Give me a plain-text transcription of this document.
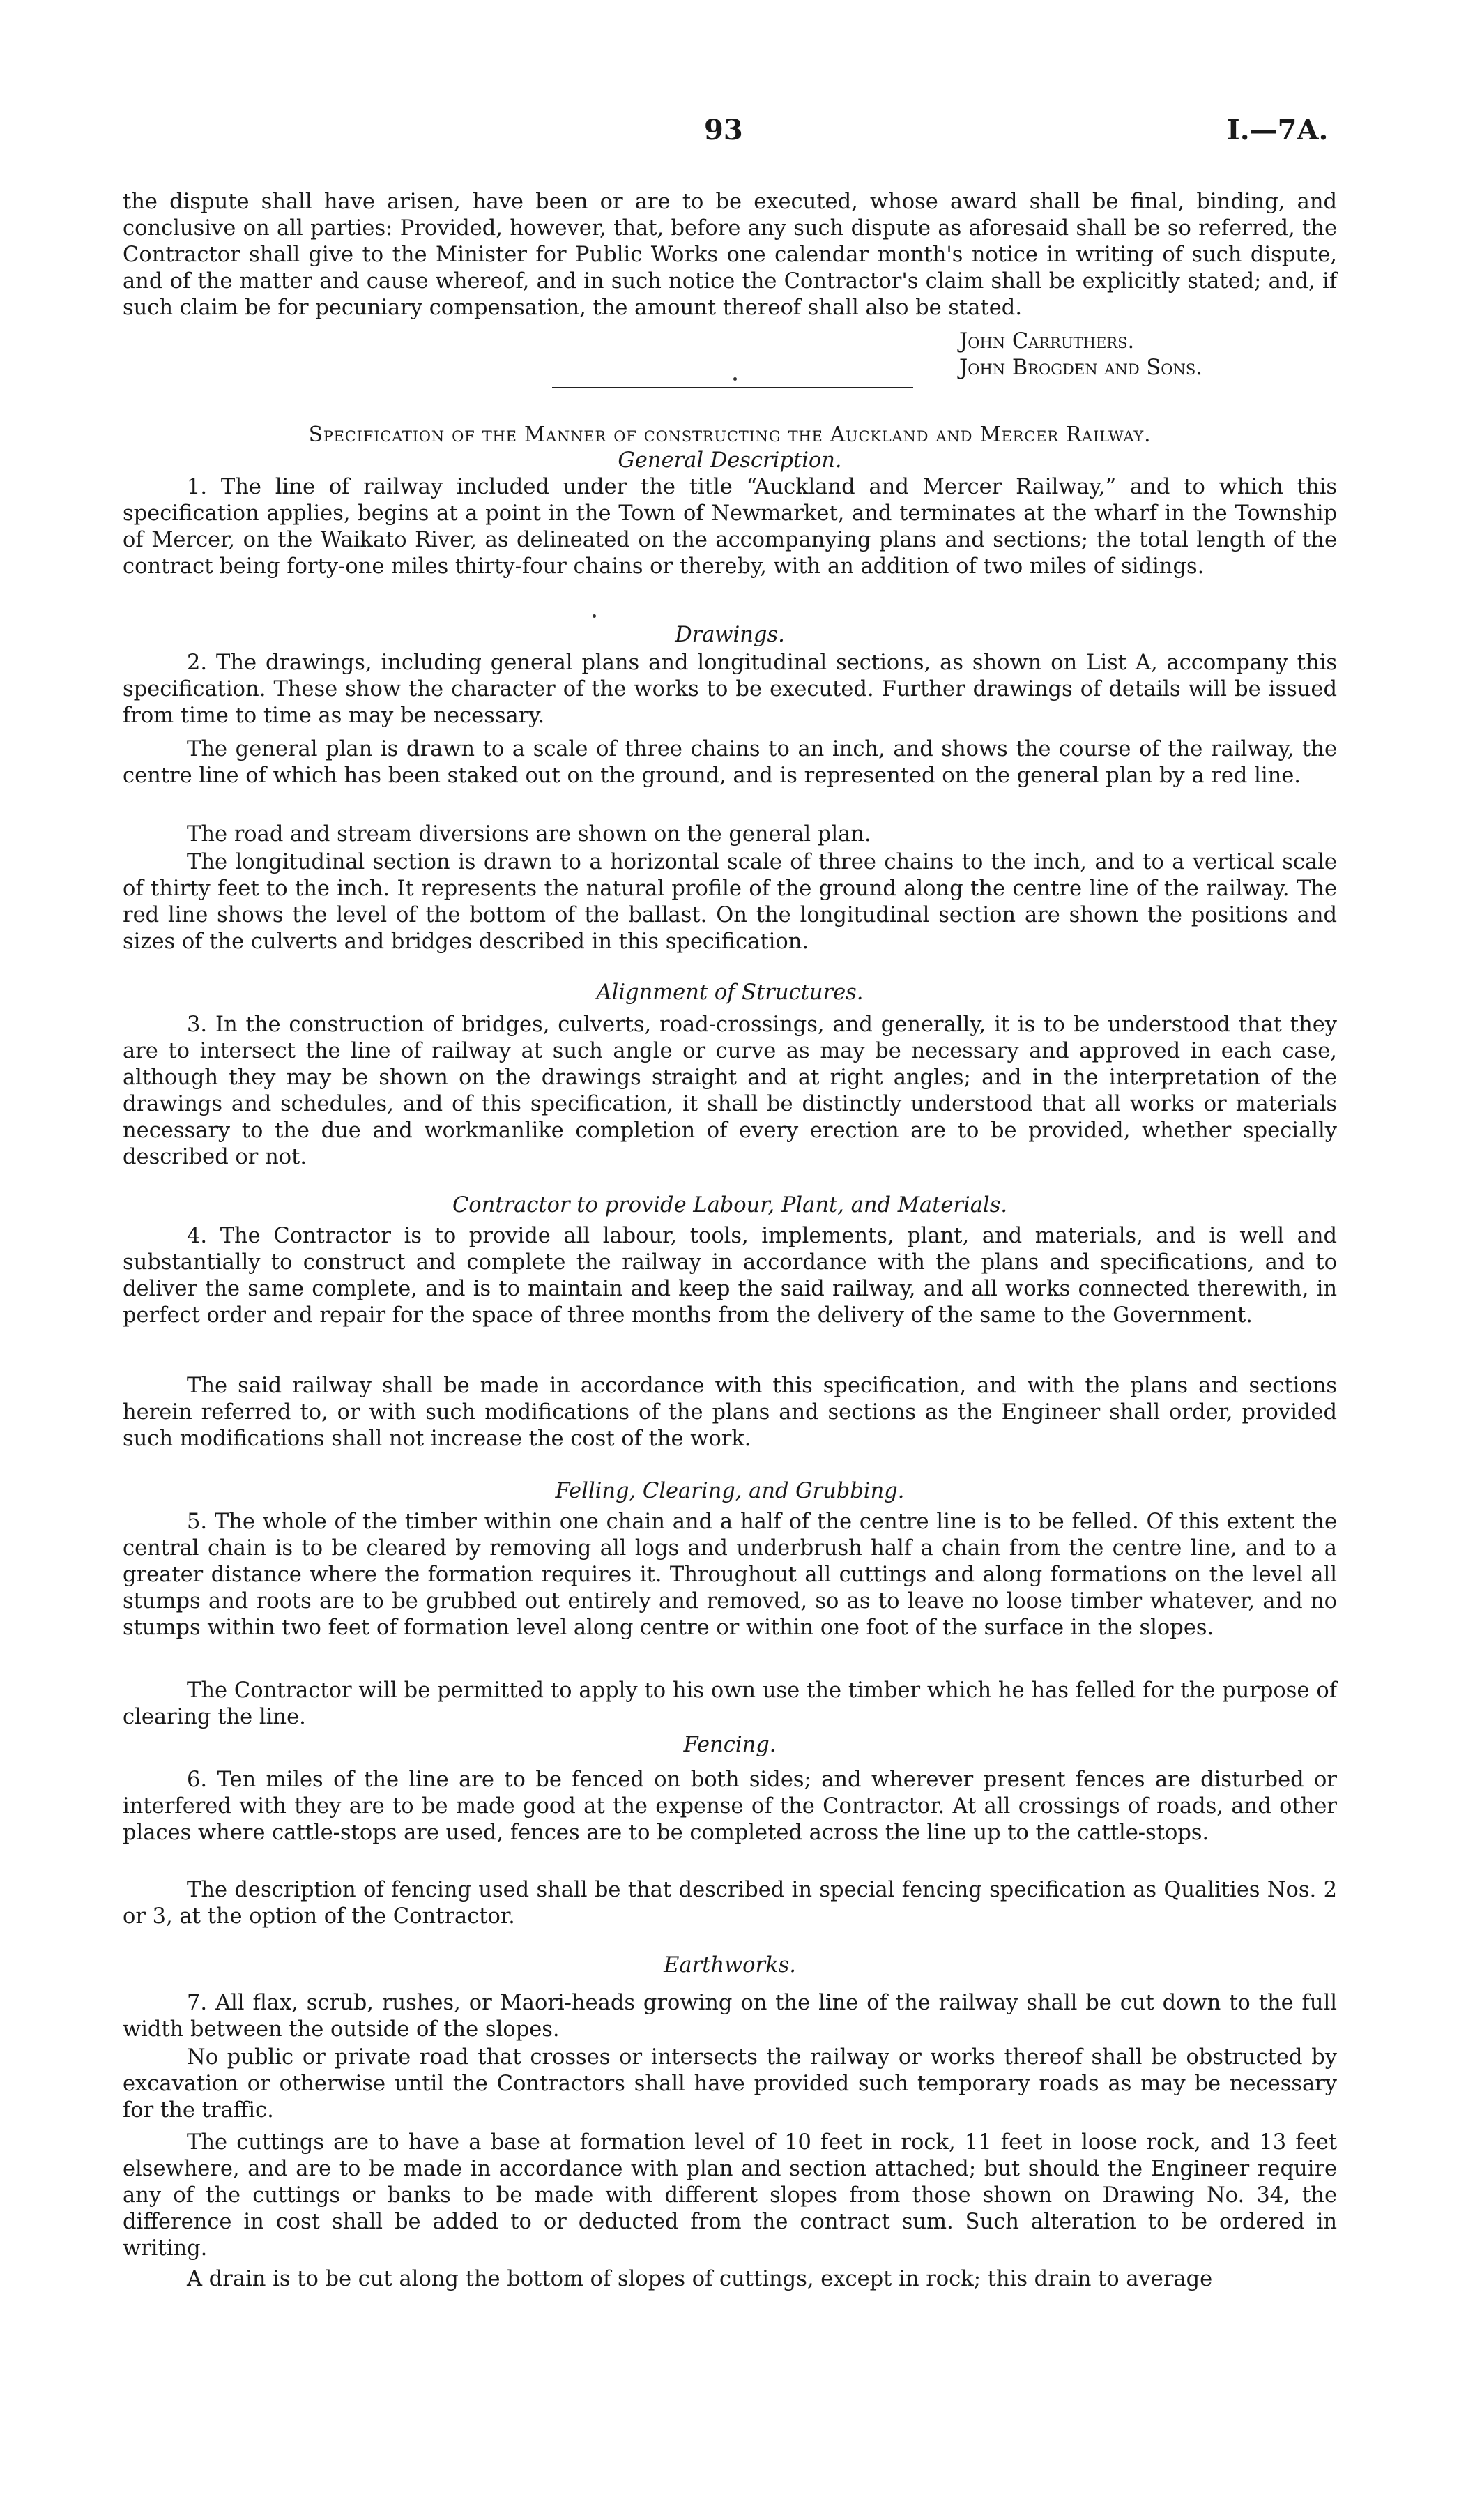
93	I.—7A.

the dispute shall have arisen, have been or are to be executed, whose award shall be final, binding, and conclusive on all parties: Provided, however, that, before any such dispute as aforesaid shall be so referred, the Contractor shall give to the Minister for Public Works one calendar month's notice in writing of such dispute, and of the matter and cause whereof, and in such notice the Contractor's claim shall be explicitly stated; and, if such claim be for pecuniary compensation, the amount thereof shall also be stated.

John Carruthers.
John Brogden and Sons.
Specification of the Manner of constructing the Auckland and Mercer Railway.
General Description.

1. The line of railway included under the title “Auckland and Mercer Railway,” and to which this specification applies, begins at a point in the Town of Newmarket, and terminates at the wharf in the Township of Mercer, on the Waikato River, as delineated on the accompanying plans and sections; the total length of the contract being forty-one miles thirty-four chains or thereby, with an addition of two miles of sidings.

Drawings.

2. The drawings, including general plans and longitudinal sections, as shown on List A, accompany this specification. These show the character of the works to be executed. Further drawings of details will be issued from time to time as may be necessary.

The general plan is drawn to a scale of three chains to an inch, and shows the course of the railway, the centre line of which has been staked out on the ground, and is represented on the general plan by a red line.

The road and stream diversions are shown on the general plan.

The longitudinal section is drawn to a horizontal scale of three chains to the inch, and to a vertical scale of thirty feet to the inch. It represents the natural profile of the ground along the centre line of the railway. The red line shows the level of the bottom of the ballast. On the longitudinal section are shown the positions and sizes of the culverts and bridges described in this specification.

Alignment of Structures.

3. In the construction of bridges, culverts, road-crossings, and generally, it is to be understood that they are to intersect the line of railway at such angle or curve as may be necessary and approved in each case, although they may be shown on the drawings straight and at right angles; and in the interpretation of the drawings and schedules, and of this specification, it shall be distinctly understood that all works or materials necessary to the due and workmanlike completion of every erection are to be provided, whether specially described or not.

Contractor to provide Labour, Plant, and Materials.

4. The Contractor is to provide all labour, tools, implements, plant, and materials, and is well and substantially to construct and complete the railway in accordance with the plans and specifications, and to deliver the same complete, and is to maintain and keep the said railway, and all works connected therewith, in perfect order and repair for the space of three months from the delivery of the same to the Government.

The said railway shall be made in accordance with this specification, and with the plans and sections herein referred to, or with such modifications of the plans and sections as the Engineer shall order, provided such modifications shall not increase the cost of the work.

Felling, Clearing, and Grubbing.

5. The whole of the timber within one chain and a half of the centre line is to be felled. Of this extent the central chain is to be cleared by removing all logs and underbrush half a chain from the centre line, and to a greater distance where the formation requires it. Throughout all cuttings and along formations on the level all stumps and roots are to be grubbed out entirely and removed, so as to leave no loose timber whatever, and no stumps within two feet of formation level along centre or within one foot of the surface in the slopes.

The Contractor will be permitted to apply to his own use the timber which he has felled for the purpose of clearing the line.

Fencing.

6. Ten miles of the line are to be fenced on both sides; and wherever present fences are disturbed or interfered with they are to be made good at the expense of the Contractor. At all crossings of roads, and other places where cattle-stops are used, fences are to be completed across the line up to the cattle-stops.

The description of fencing used shall be that described in special fencing specification as Qualities Nos. 2 or 3, at the option of the Contractor.

Earthworks.

7. All flax, scrub, rushes, or Maori-heads growing on the line of the railway shall be cut down to the full width between the outside of the slopes.

No public or private road that crosses or intersects the railway or works thereof shall be obstructed by excavation or otherwise until the Contractors shall have provided such temporary roads as may be necessary for the traffic.

The cuttings are to have a base at formation level of 10 feet in rock, 11 feet in loose rock, and 13 feet elsewhere, and are to be made in accordance with plan and section attached; but should the Engineer require any of the cuttings or banks to be made with different slopes from those shown on Drawing No. 34, the difference in cost shall be added to or deducted from the contract sum. Such alteration to be ordered in writing.

A drain is to be cut along the bottom of slopes of cuttings, except in rock; this drain to average
